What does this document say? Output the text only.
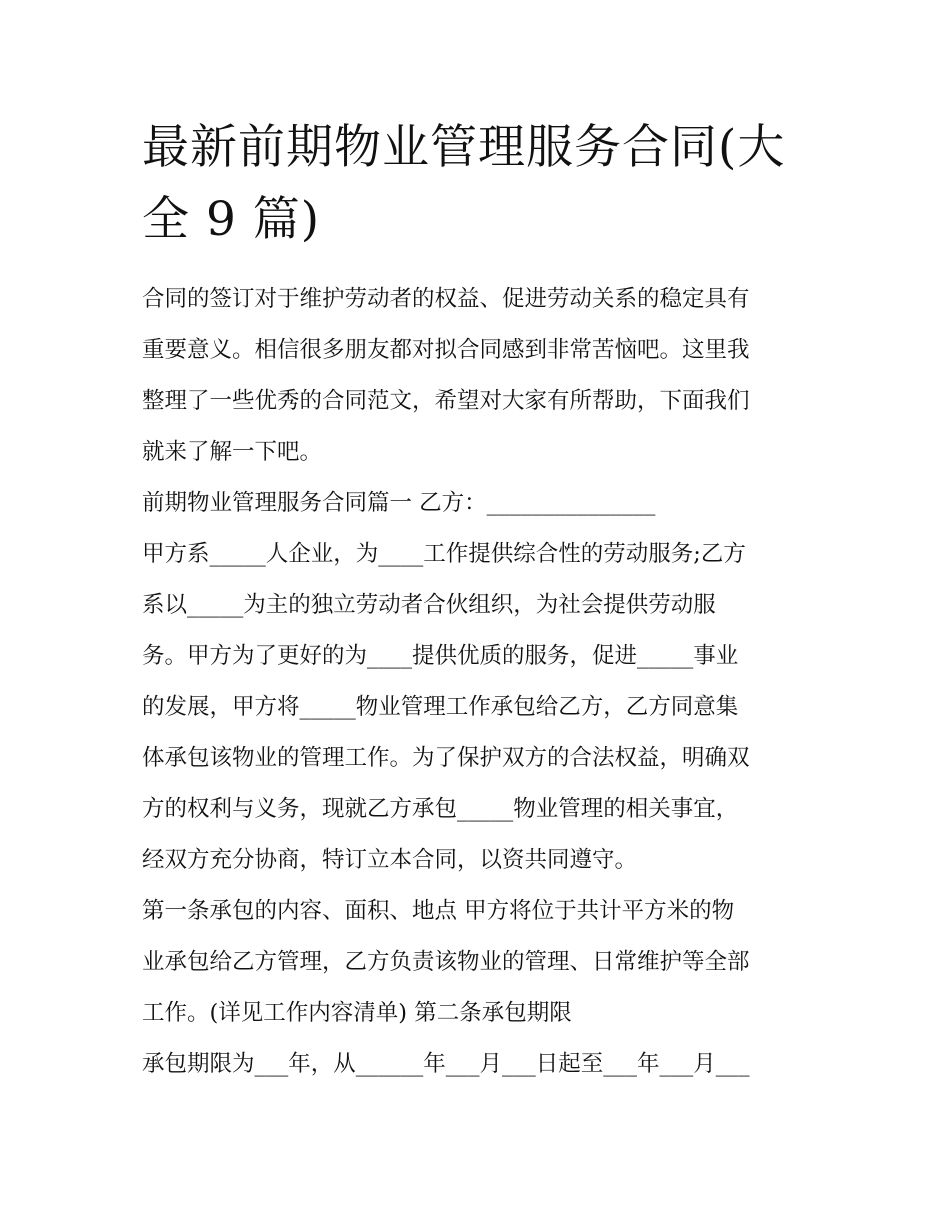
最新前期物业管理服务合同(大
全 9 篇)

合同的签订对于维护劳动者的权益、促进劳动关系的稳定具有
重要意义。相信很多朋友都对拟合同感到非常苦恼吧。这里我
整理了一些优秀的合同范文，希望对大家有所帮助，下面我们
就来了解一下吧。

前期物业管理服务合同篇一 乙方：_______________

甲方系_____人企业，为____工作提供综合性的劳动服务;乙方
系以_____为主的独立劳动者合伙组织，为社会提供劳动服
务。甲方为了更好的为____提供优质的服务，促进_____事业
的发展，甲方将_____物业管理工作承包给乙方，乙方同意集
体承包该物业的管理工作。为了保护双方的合法权益，明确双
方的权利与义务，现就乙方承包_____物业管理的相关事宜，
经双方充分协商，特订立本合同，以资共同遵守。

第一条承包的内容、面积、地点 甲方将位于共计平方米的物
业承包给乙方管理，乙方负责该物业的管理、日常维护等全部
工作。(详见工作内容清单) 第二条承包期限

承包期限为___年，从______年___月___日起至___年___月___
